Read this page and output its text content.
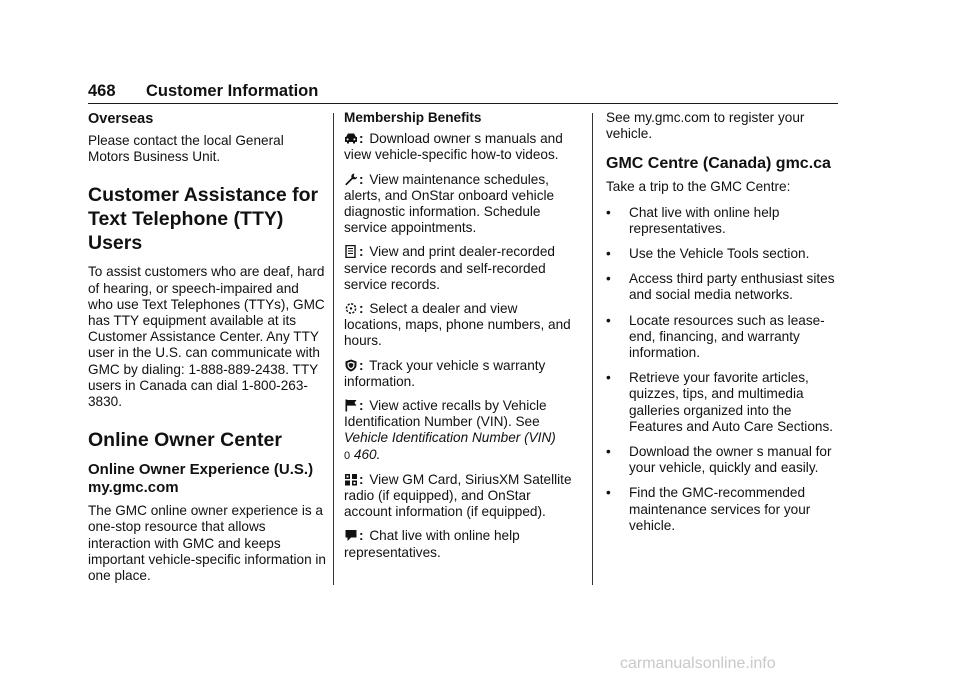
468 Customer Information
Overseas

Please contact the local General Motors Business Unit.

Customer Assistance for Text Telephone (TTY) Users

To assist customers who are deaf, hard of hearing, or speech-impaired and who use Text Telephones (TTYs), GMC has TTY equipment available at its Customer Assistance Center. Any TTY user in the U.S. can communicate with GMC by dialing: 1-888-889-2438. TTY users in Canada can dial 1-800-263-3830.

Online Owner Center
Online Owner Experience (U.S.) my.gmc.com

The GMC online owner experience is a one-stop resource that allows interaction with GMC and keeps important vehicle-specific information in one place.

Membership Benefits

: Download owner s manuals and view vehicle-specific how-to videos.

: View maintenance schedules, alerts, and OnStar onboard vehicle diagnostic information. Schedule service appointments.

: View and print dealer-recorded service records and self-recorded service records.

: Select a dealer and view locations, maps, phone numbers, and hours.

: Track your vehicle s warranty information.

: View active recalls by Vehicle Identification Number (VIN). See Vehicle Identification Number (VIN)
0 460.

: View GM Card, SiriusXM Satellite radio (if equipped), and OnStar account information (if equipped).

: Chat live with online help representatives.

See my.gmc.com to register your vehicle.

GMC Centre (Canada) gmc.ca

Take a trip to the GMC Centre:

• Chat live with online help representatives.
• Use the Vehicle Tools section.
• Access third party enthusiast sites and social media networks.
• Locate resources such as lease-end, financing, and warranty information.
• Retrieve your favorite articles, quizzes, tips, and multimedia galleries organized into the Features and Auto Care Sections.
• Download the owner s manual for your vehicle, quickly and easily.
• Find the GMC-recommended maintenance services for your vehicle.
carmanualsonline.info
